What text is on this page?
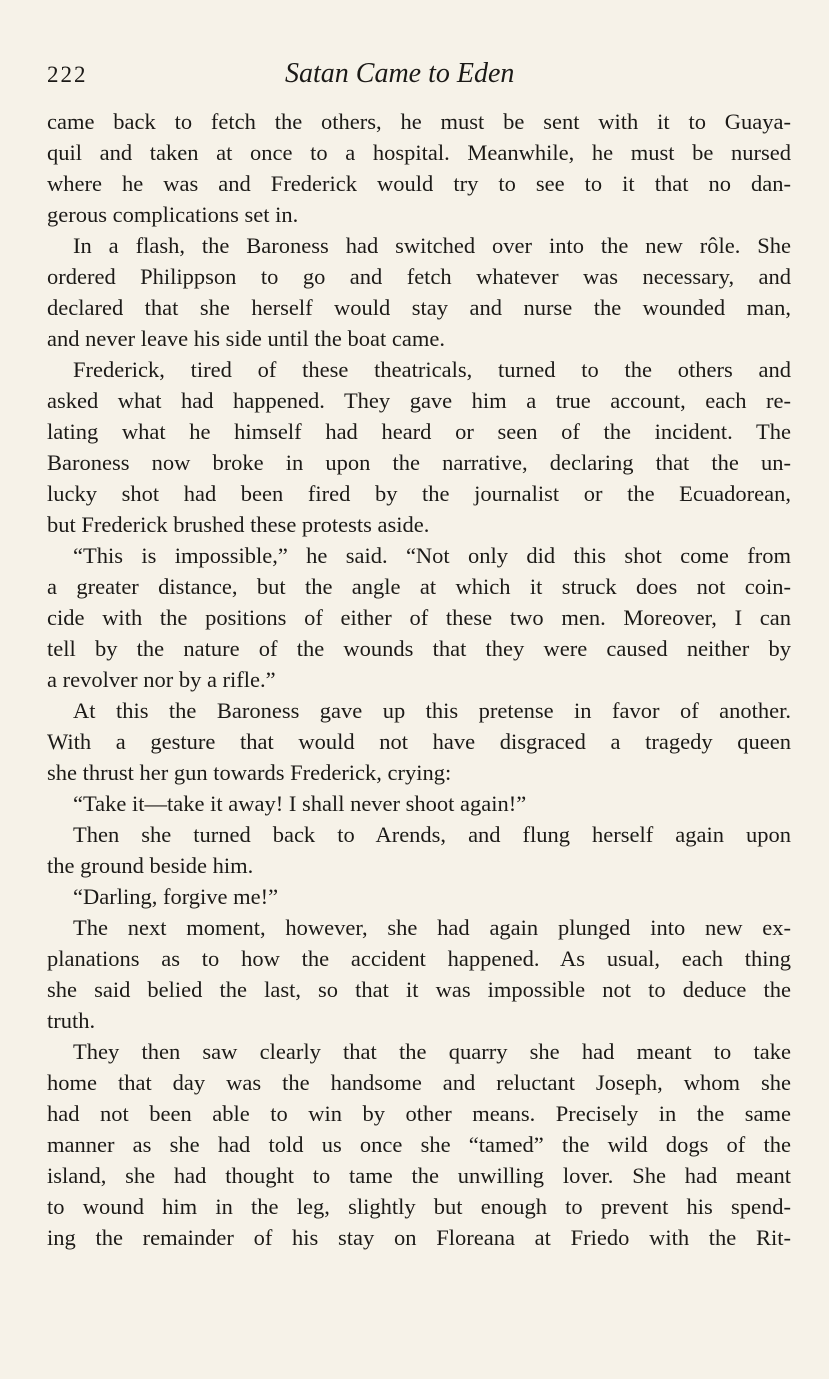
222	Satan Came to Eden
came back to fetch the others, he must be sent with it to Guaya-
quil and taken at once to a hospital. Meanwhile, he must be nursed
where he was and Frederick would try to see to it that no dan-
gerous complications set in.
In a flash, the Baroness had switched over into the new rôle. She
ordered Philippson to go and fetch whatever was necessary, and
declared that she herself would stay and nurse the wounded man,
and never leave his side until the boat came.
Frederick, tired of these theatricals, turned to the others and
asked what had happened. They gave him a true account, each re-
lating what he himself had heard or seen of the incident. The
Baroness now broke in upon the narrative, declaring that the un-
lucky shot had been fired by the journalist or the Ecuadorean,
but Frederick brushed these protests aside.
“This is impossible,” he said. “Not only did this shot come from
a greater distance, but the angle at which it struck does not coin-
cide with the positions of either of these two men. Moreover, I can
tell by the nature of the wounds that they were caused neither by
a revolver nor by a rifle.”
At this the Baroness gave up this pretense in favor of another.
With a gesture that would not have disgraced a tragedy queen
she thrust her gun towards Frederick, crying:
“Take it—take it away! I shall never shoot again!”
Then she turned back to Arends, and flung herself again upon
the ground beside him.
“Darling, forgive me!”
The next moment, however, she had again plunged into new ex-
planations as to how the accident happened. As usual, each thing
she said belied the last, so that it was impossible not to deduce the
truth.
They then saw clearly that the quarry she had meant to take
home that day was the handsome and reluctant Joseph, whom she
had not been able to win by other means. Precisely in the same
manner as she had told us once she “tamed” the wild dogs of the
island, she had thought to tame the unwilling lover. She had meant
to wound him in the leg, slightly but enough to prevent his spend-
ing the remainder of his stay on Floreana at Friedo with the Rit-
